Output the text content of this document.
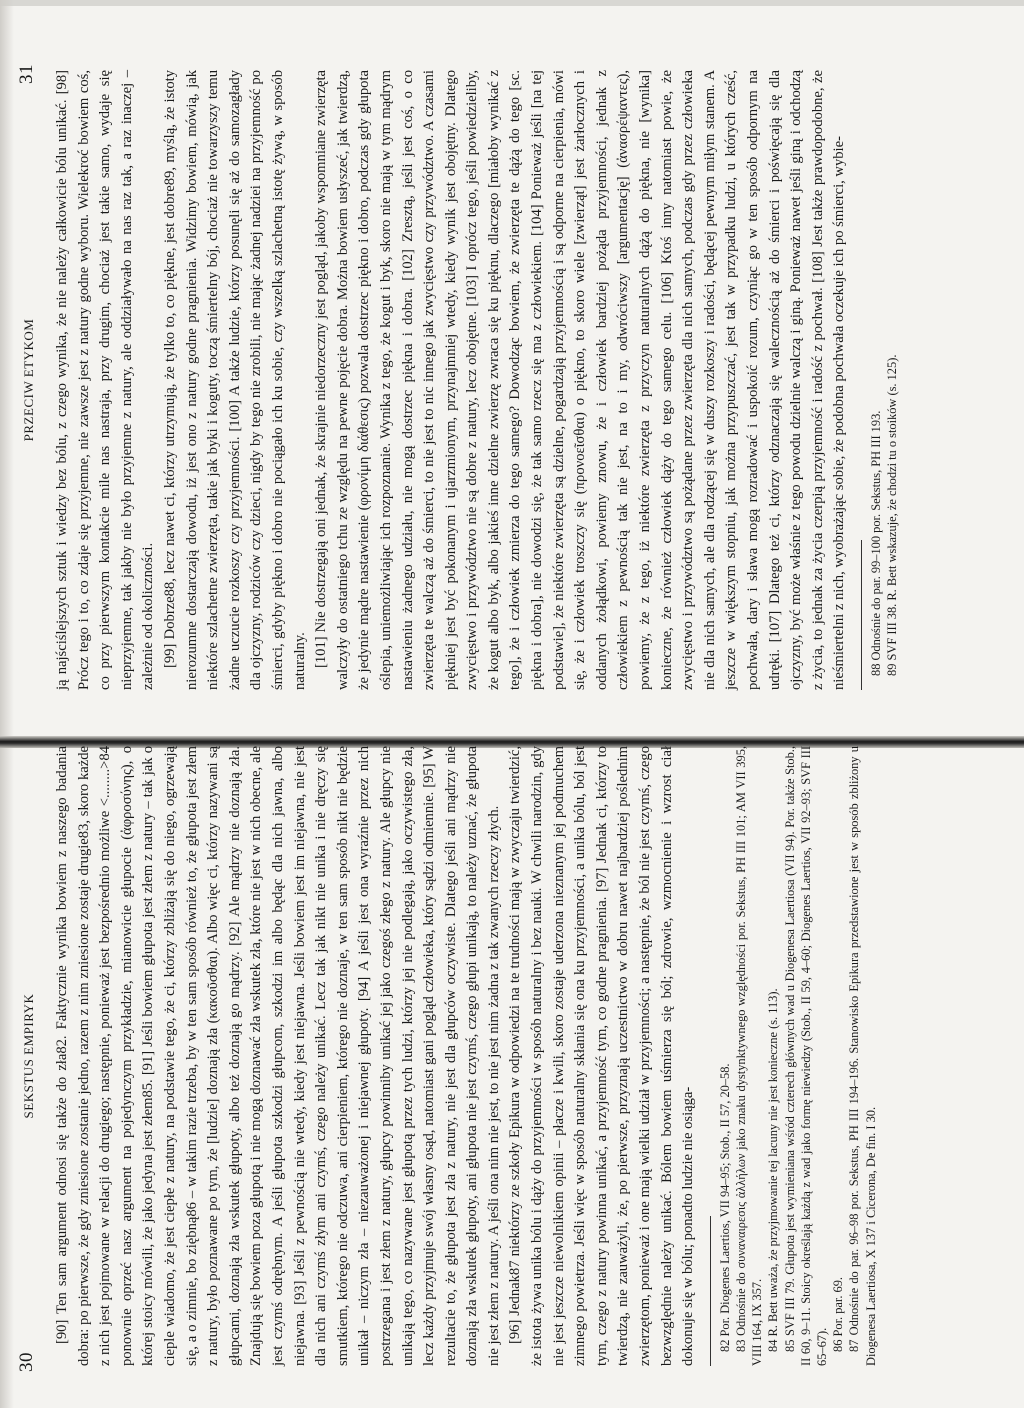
PRZECIW ETYKOM
31 ją najściślejszych sztuk i wiedzy bez bólu, z czego wynika, że nie należy całkowicie bólu unikać. [98] Prócz tego i to, co zdaje się przyjemne, nie zawsze jest z natury godne wyboru. Wielekroć bowiem coś, co przy pierwszym kontakcie mile nas nastraja, przy drugim, chociaż jest takie samo, wydaje się nieprzyjemne, tak jakby nie było przyjemne z natury, ale oddziaływało na nas raz tak, a raz inaczej – zależnie od okoliczności. [99] Dobrze88, lecz nawet ci, którzy utrzymują, że tylko to, co piękne, jest dobre89, myślą, że istoty nierozumne dostarczają dowodu, iż jest ono z natury godne pragnienia. Widzimy bowiem, mówią, jak niektóre szlachetne zwierzęta, takie jak byki i koguty, toczą śmiertelny bój, chociaż nie towarzyszy temu żadne uczucie rozkoszy czy przyjemności. [100] A także ludzie, którzy posunęli się aż do samozagłady dla ojczyzny, rodziców czy dzieci, nigdy by tego nie zrobili, nie mając żadnej nadziei na przyjemność po śmierci, gdyby piękno i dobro nie pociągało ich ku sobie, czy wszelką szlachetną istotę żywą, w sposób naturalny. [101] Nie dostrzegają oni jednak, że skrajnie niedorzeczny jest pogląd, jakoby wspomniane zwierzęta walczyły do ostatniego tchu ze względu na pewne pojęcie dobra. Można bowiem usłyszeć, jak twierdzą, że jedynie mądre nastawienie (φρονίμη διάθεσις) pozwala dostrzec piękno i dobro, podczas gdy głupota oślepia, uniemożliwiając ich rozpoznanie. Wynika z tego, że kogut i byk, skoro nie mają w tym mądrym nastawieniu żadnego udziału, nie mogą dostrzec piękna i dobra. [102] Zresztą, jeśli jest coś, o co zwierzęta te walczą aż do śmierci, to nie jest to nic innego jak zwycięstwo czy przywództwo. A czasami piękniej jest być pokonanym i ujarzmionym, przynajmniej wtedy, kiedy wynik jest obojętny. Dlatego zwycięstwo i przywództwo nie są dobre z natury, lecz obojętne. [103] I oprócz tego, jeśli powiedzieliby, że kogut albo byk, albo jakieś inne dzielne zwierzę zwraca się ku pięknu, dlaczego [miałoby wynikać z tego], że i człowiek zmierza do tego samego? Dowodząc bowiem, że zwierzęta te dążą do tego [sc. piękna i dobra], nie dowodzi się, że tak samo rzecz się ma z człowiekiem. [104] Ponieważ jeśli [na tej podstawie], że niektóre zwierzęta są dzielne, pogardzają przyjemnością i są odporne na cierpienia, mówi się, że i człowiek troszczy się (προνοεῖσθαι) o piękno, to skoro wiele [zwierząt] jest żarłocznych i oddanych żołądkowi, powiemy znowu, że i człowiek bardziej pożąda przyjemności, jednak z człowiekiem z pewnością tak nie jest, na to i my, odwróciwszy [argumentację] (ἀνασρέψαντες), powiemy, że z tego, iż niektóre zwierzęta z przyczyn naturalnych dążą do piękna, nie [wynika] konieczne, że również człowiek dąży do tego samego celu. [106] Ktoś inny natomiast powie, że zwycięstwo i przywództwo są pożądane przez zwierzęta dla nich samych, podczas gdy przez człowieka nie dla nich samych, ale dla rodzącej się w duszy rozkoszy i radości, będącej pewnym miłym stanem. A jeszcze w większym stopniu, jak można przypuszczać, jest tak w przypadku ludzi, u których cześć, pochwała, dary i sława mogą rozradować i uspokoić rozum, czyniąc go w ten sposób odpornym na udręki. [107] Dlatego też ci, którzy odznaczają się walecznością aż do śmierci i poświęcają się dla ojczyzny, być może właśnie z tego powodu dzielnie walczą i giną. Ponieważ nawet jeśli giną i odchodzą z życia, to jednak za życia czerpią przyjemność i radość z pochwał. [108] Jest także prawdopodobne, że nieśmiertelni z nich, wyobrażając sobie, że podobna pochwała oczekuje ich po śmierci, wybie- 88 Odnośnie do par. 99–100 por. Sekstus, PH III 193. 89 SVF III 38. R. Bett wskazuje, że chodzi tu o stoików (s. 125).

30
SEKSTUS EMPIRYK [90] Ten sam argument odnosi się także do zła82. Faktycznie wynika bowiem z naszego badania dobra: po pierwsze, że gdy zniesione zostanie jedno, razem z nim zniesione zostaje drugie83, skoro każde z nich jest pojmowane w relacji do drugiego; następnie, ponieważ jest bezpośrednio możliwe <........>84 ponownie oprzeć nasz argument na pojedynczym przykładzie, mianowicie głupocie (ἀφροσύνης), o której stoicy mówili, że jako jedyna jest złem85. [91] Jeśli bowiem głupota jest złem z natury – tak jak o cieple wiadomo, że jest ciepłe z natury, na podstawie tego, że ci, którzy zbliżają się do niego, ogrzewają się, a o zimnie, bo ziębną86 – w takim razie trzeba, by w ten sam sposób również to, że głupota jest złem z natury, było poznawane po tym, że [ludzie] doznają zła (κακοῦσθαι). Albo więc ci, którzy nazywani są głupcami, doznają zła wskutek głupoty, albo też doznają go mądrzy. [92] Ale mądrzy nie doznają zła. Znajdują się bowiem poza głupotą i nie mogą doznawać zła wskutek zła, które nie jest w nich obecne, ale jest czymś odrębnym. A jeśli głupota szkodzi głupcom, szkodzi im albo będąc dla nich jawna, albo niejawna. [93] Jeśli z pewnością nie wtedy, kiedy jest niejawna. Jeśli bowiem jest im niejawna, nie jest dla nich ani czymś złym ani czymś, czego należy unikać. Lecz tak jak nikt nie unika i nie dręczy się smutkiem, którego nie odczuwa, ani cierpieniem, którego nie doznaje, w ten sam sposób nikt nie będzie unikał – niczym zła – niezauważonej i niejawnej głupoty. [94] A jeśli jest ona wyraźnie przez nich postrzegana i jest złem z natury, głupcy powinniby unikać jej jako czegoś złego z natury. Ale głupcy nie unikają tego, co nazywane jest głupotą przez tych ludzi, którzy jej nie podlegają, jako oczywistego zła, lecz każdy przyjmuje swój własny osąd, natomiast gani pogląd człowieka, który sądzi odmiennie. [95] W rezultacie to, że głupota jest zła z natury, nie jest dla głupców oczywiste. Dlatego jeśli ani mądrzy nie doznają zła wskutek głupoty, ani głupota nie jest czymś, czego głupi unikają, to należy uznać, że głupota nie jest złem z natury. A jeśli ona nim nie jest, to nie jest nim żadna z tak zwanych rzeczy złych. [96] Jednak87 niektórzy ze szkoły Epikura w odpowiedzi na te trudności mają w zwyczaju twierdzić, że istota żywa unika bólu i dąży do przyjemności w sposób naturalny i bez nauki. W chwili narodzin, gdy nie jest jeszcze niewolnikiem opinii – płacze i kwili, skoro zostaje uderzona nieznanym jej podmuchem zimnego powietrza. Jeśli więc w sposób naturalny skłania się ona ku przyjemności, a unika bólu, ból jest tym, czego z natury powinna unikać, a przyjemność tym, co godne pragnienia. [97] Jednak ci, którzy to twierdzą, nie zauważyli, że, po pierwsze, przyznają uczestnictwo w dobru nawet najbardziej poślednim zwierzętom, ponieważ i one mają wielki udział w przyjemności; a następnie, że ból nie jest czymś, czego bezwzględnie należy unikać. Bólem bowiem uśmierza się ból; zdrowie, wzmocnienie i wzrost ciał dokonuje się w bólu; ponadto ludzie nie osiąga- 82 Por. Diogenes Laertios, VII 94–95; Stob., II 57, 20–58. 83 Odnośnie do συναναιρεσις ἀλλήλων jako znaku dystynktywnego względności por. Sekstus, PH III 101; AM VII 395, VIII 164, IX 357. 84 R. Bett uważa, że przyjmowanie tej lacuny nie jest konieczne (s. 113). 85 SVF III 79. Głupota jest wymieniana wśród czterech głównych wad u Diogenesa Laertiosa (VII 94). Por. także Stob., II 60, 9–11. Stoicy określają każdą z wad jako formę niewiedzy (Stob., II 59, 4–60; Diogenes Laertios, VII 92–93; SVF III 65–67). 86 Por. par. 69. 87 Odnośnie do par. 96–98 por. Sekstus, PH III 194–196. Stanowisko Epikura przedstawione jest w sposób zbliżony u Diogenesa Laertiosa, X 137 i Cicerona, De fin. I 30.
